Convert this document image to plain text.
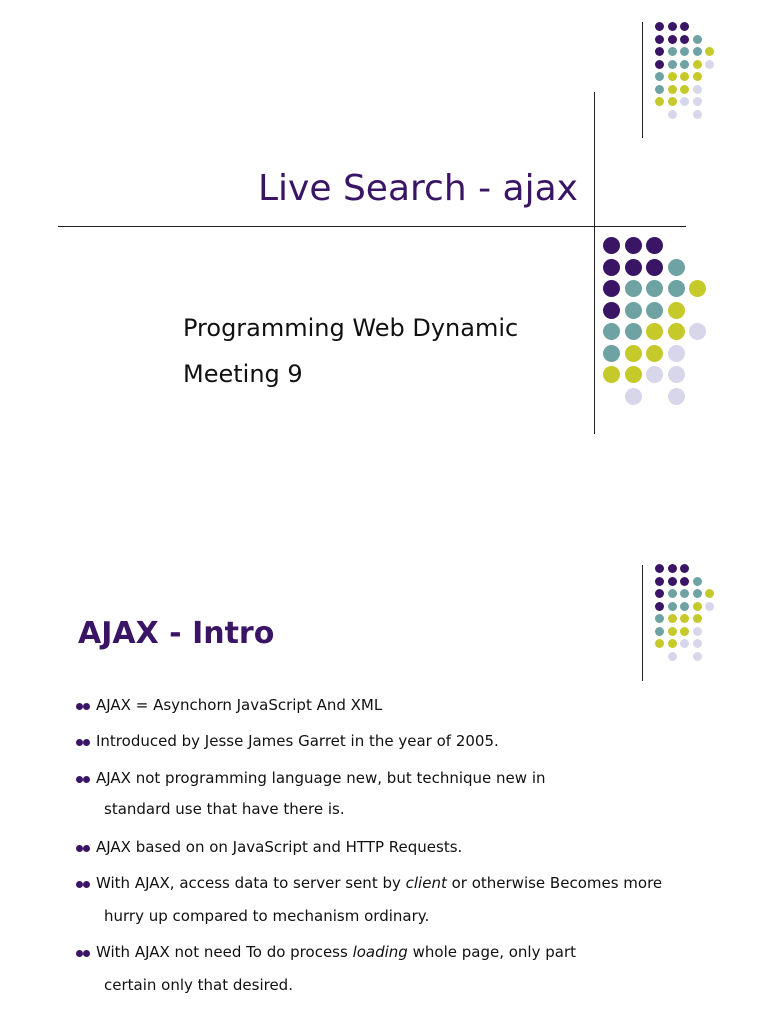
Live Search - ajax
Programming Web Dynamic
Meeting 9
AJAX - Intro
AJAX = Asynchorn JavaScript And XML
Introduced by Jesse James Garret in the year of 2005.
AJAX not programming language new, but technique new in
standard use that have there is.
AJAX based on on JavaScript and HTTP Requests.
With AJAX, access data to server sent by client or otherwise Becomes more
hurry up compared to mechanism ordinary.
With AJAX not need To do process loading whole page, only part
certain only that desired.
